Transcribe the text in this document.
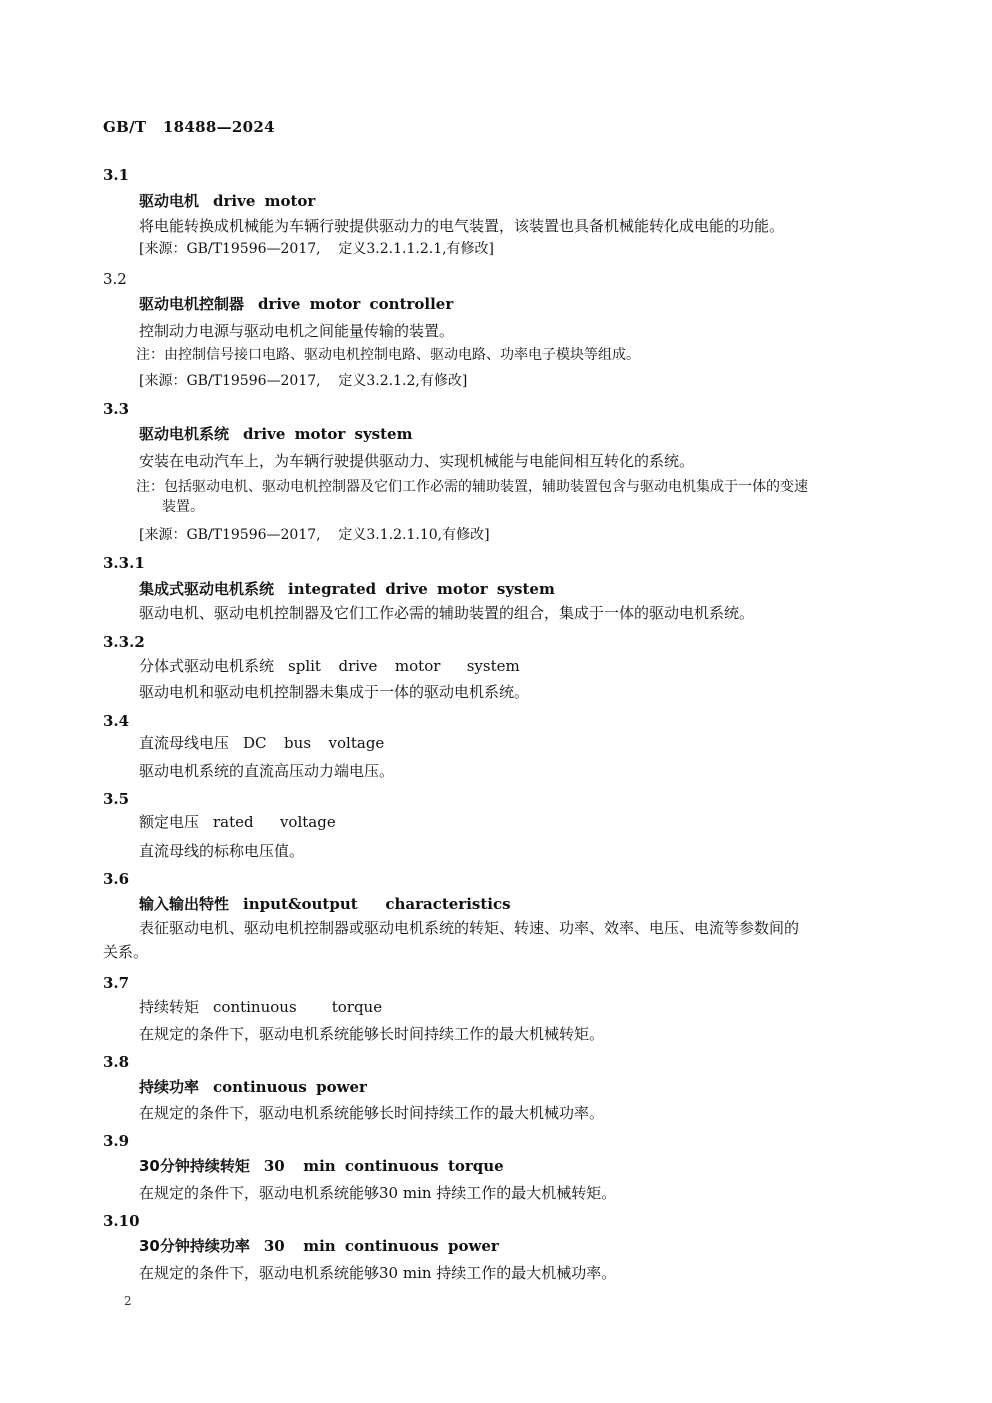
GB/T   18488—2024
3.1
驱动电机 drive motor
将电能转换成机械能为车辆行驶提供驱动力的电气装置，该装置也具备机械能转化成电能的功能。
[来源：GB/T19596—2017,    定义3.2.1.1.2.1,有修改]
3.2
驱动电机控制器 drive motor controller
控制动力电源与驱动电机之间能量传输的装置。
注：由控制信号接口电路、驱动电机控制电路、驱动电路、功率电子模块等组成。
[来源：GB/T19596—2017,    定义3.2.1.2,有修改]
3.3
驱动电机系统 drive motor system
安装在电动汽车上，为车辆行驶提供驱动力、实现机械能与电能间相互转化的系统。
注：包括驱动电机、驱动电机控制器及它们工作必需的辅助装置，辅助装置包含与驱动电机集成于一体的变速
装置。
[来源：GB/T19596—2017,    定义3.1.2.1.10,有修改]
3.3.1
集成式驱动电机系统 integrated drive motor system
驱动电机、驱动电机控制器及它们工作必需的辅助装置的组合，集成于一体的驱动电机系统。
3.3.2
分体式驱动电机系统 split  drive  motor   system
驱动电机和驱动电机控制器未集成于一体的驱动电机系统。
3.4
直流母线电压 DC  bus  voltage
驱动电机系统的直流高压动力端电压。
3.5
额定电压 rated   voltage
直流母线的标称电压值。
3.6
输入输出特性 input&output   characteristics
表征驱动电机、驱动电机控制器或驱动电机系统的转矩、转速、功率、效率、电压、电流等参数间的
关系。
3.7
持续转矩 continuous    torque
在规定的条件下，驱动电机系统能够长时间持续工作的最大机械转矩。
3.8
持续功率 continuous power
在规定的条件下，驱动电机系统能够长时间持续工作的最大机械功率。
3.9
30分钟持续转矩 30  min continuous torque
在规定的条件下，驱动电机系统能够30 min 持续工作的最大机械转矩。
3.10
30分钟持续功率 30  min continuous power
在规定的条件下，驱动电机系统能够30 min 持续工作的最大机械功率。
2
